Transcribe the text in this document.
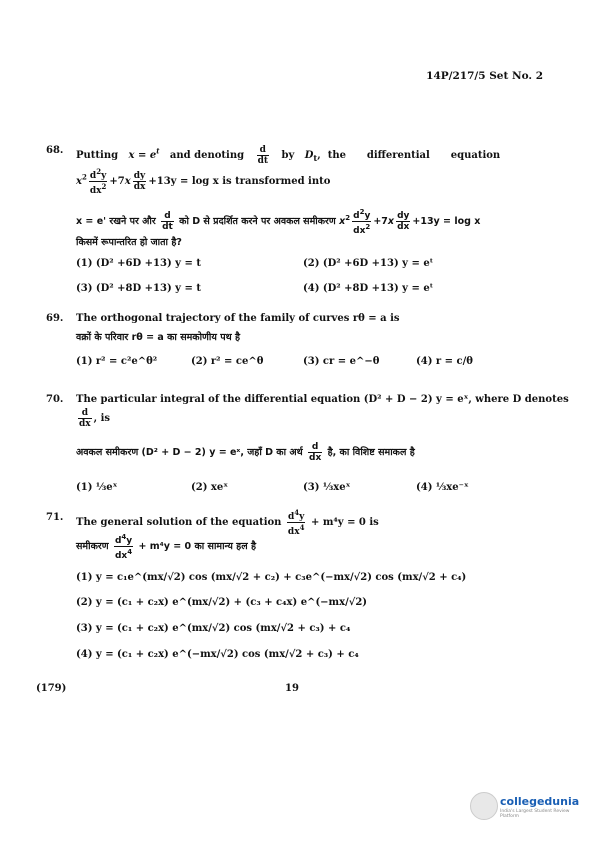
14P/217/5 Set No. 2
68. Putting $x = e^t$ and denoting $\frac{d}{dt}$ by $D_t$,  the differential equation
$x^2 \frac{d^2y}{dx^2} +7x \frac{dy}{dx} +13y = \log x$ is transformed into
x = e' रखने पर और $\frac{d}{dt}$ को D से प्रदर्शित करने पर अवकल समीकरण $x^2 \frac{d^2y}{dx^2} +7x \frac{dy}{dx} +13y = \log x$
किसमें रूपान्तरित हो जाता है?
(1) (D² +6D +13) y = t	(2) (D² +6D +13) y = eᵗ
(3) (D² +8D +13) y = t	(4) (D² +8D +13) y = eᵗ
69. The orthogonal trajectory of the family of curves rθ = a is
वक्रों के परिवार rθ = a का समकोणीय पथ है
(1) r² = c²e^θ²	(2) r² = ce^θ	(3) cr = e^−θ	(4) r = c/θ
70. The particular integral of the differential equation (D² + D − 2) y = eˣ, where D denotes
$\frac{d}{dx}$ , is
अवकल समीकरण (D² + D − 2) y = eˣ, जहाँ D का अर्थ $\frac{d}{dx}$ है, का विशिष्ट समाकल है
(1) ⅓eˣ	(2) xeˣ	(3) ⅓xeˣ	(4) ⅓xe⁻ˣ
71. The general solution of the equation $\frac{d^4y}{dx^4} + m^4y = 0$ is
समीकरण $\frac{d^4y}{dx^4} + m^4y = 0$ का सामान्य हल है
(1) y = c₁e^(mx/√2) cos (mx/√2 + c₂) + c₃e^(−mx/√2) cos (mx/√2 + c₄)
(2) y = (c₁ + c₂x) e^(mx/√2) + (c₃ + c₄x) e^(−mx/√2)
(3) y = (c₁ + c₂x) e^(mx/√2) cos (mx/√2 + c₃) + c₄
(4) y = (c₁ + c₂x) e^(−mx/√2) cos (mx/√2 + c₃) + c₄
(179)	19
collegedunia
India's Largest Student Review Platform
